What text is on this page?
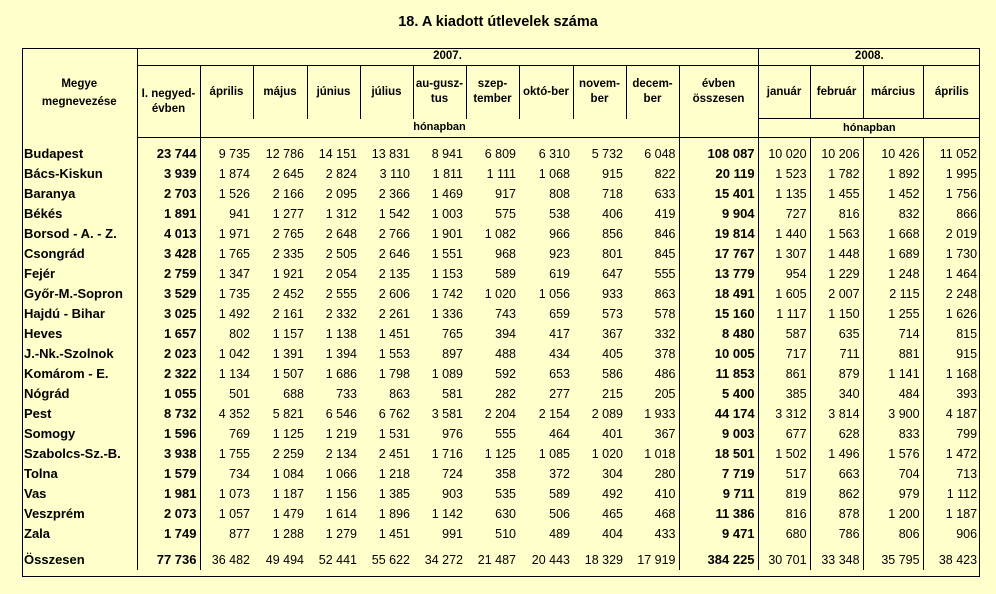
18. A kiadott útlevelek száma
Megye megnevezése	2007.											2008.			
	I. negyed-évben	április	május	június	július	au-gusz-tus	szep-tember	októ-ber	novem-ber	decem-ber	évben összesen	január	február	március	április
		hónapban										hónapban			

Budapest	23 744	9 735	12 786	14 151	13 831	8 941	6 809	6 310	5 732	6 048	108 087	10 020	10 206	10 426	11 052
Bács-Kiskun	3 939	1 874	2 645	2 824	3 110	1 811	1 111	1 068	915	822	20 119	1 523	1 782	1 892	1 995
Baranya	2 703	1 526	2 166	2 095	2 366	1 469	917	808	718	633	15 401	1 135	1 455	1 452	1 756
Békés	1 891	941	1 277	1 312	1 542	1 003	575	538	406	419	9 904	727	816	832	866
Borsod - A. - Z.	4 013	1 971	2 765	2 648	2 766	1 901	1 082	966	856	846	19 814	1 440	1 563	1 668	2 019
Csongrád	3 428	1 765	2 335	2 505	2 646	1 551	968	923	801	845	17 767	1 307	1 448	1 689	1 730
Fejér	2 759	1 347	1 921	2 054	2 135	1 153	589	619	647	555	13 779	954	1 229	1 248	1 464
Győr-M.-Sopron	3 529	1 735	2 452	2 555	2 606	1 742	1 020	1 056	933	863	18 491	1 605	2 007	2 115	2 248
Hajdú - Bihar	3 025	1 492	2 161	2 332	2 261	1 336	743	659	573	578	15 160	1 117	1 150	1 255	1 626
Heves	1 657	802	1 157	1 138	1 451	765	394	417	367	332	8 480	587	635	714	815
J.-Nk.-Szolnok	2 023	1 042	1 391	1 394	1 553	897	488	434	405	378	10 005	717	711	881	915
Komárom - E.	2 322	1 134	1 507	1 686	1 798	1 089	592	653	586	486	11 853	861	879	1 141	1 168
Nógrád	1 055	501	688	733	863	581	282	277	215	205	5 400	385	340	484	393
Pest	8 732	4 352	5 821	6 546	6 762	3 581	2 204	2 154	2 089	1 933	44 174	3 312	3 814	3 900	4 187
Somogy	1 596	769	1 125	1 219	1 531	976	555	464	401	367	9 003	677	628	833	799
Szabolcs-Sz.-B.	3 938	1 755	2 259	2 134	2 451	1 716	1 125	1 085	1 020	1 018	18 501	1 502	1 496	1 576	1 472
Tolna	1 579	734	1 084	1 066	1 218	724	358	372	304	280	7 719	517	663	704	713
Vas	1 981	1 073	1 187	1 156	1 385	903	535	589	492	410	9 711	819	862	979	1 112
Veszprém	2 073	1 057	1 479	1 614	1 896	1 142	630	506	465	468	11 386	816	878	1 200	1 187
Zala	1 749	877	1 288	1 279	1 451	991	510	489	404	433	9 471	680	786	806	906
Összesen	77 736	36 482	49 494	52 441	55 622	34 272	21 487	20 443	18 329	17 919	384 225	30 701	33 348	35 795	38 423
